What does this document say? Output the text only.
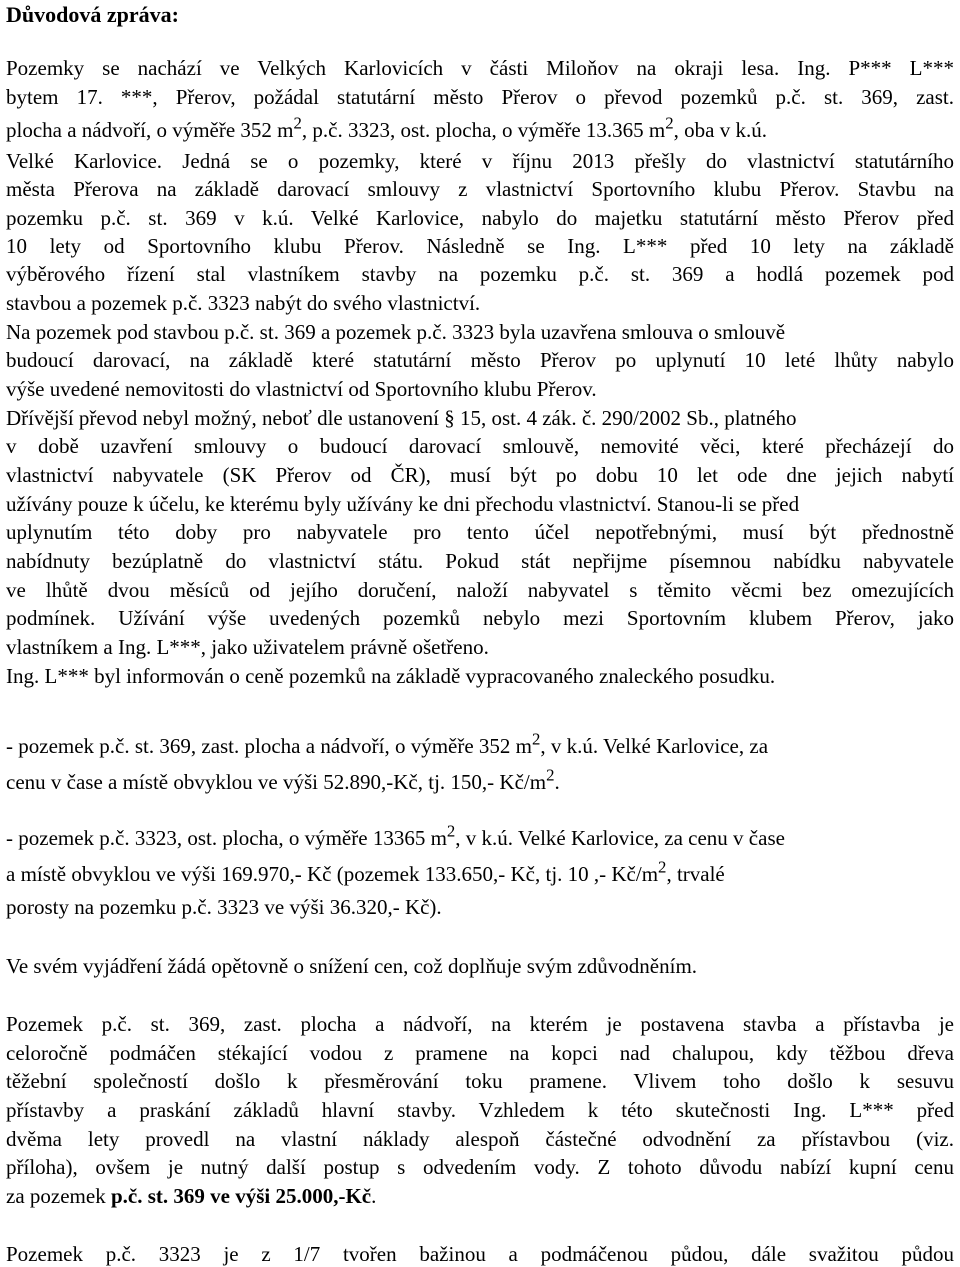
Důvodová zpráva:

Pozemky se nachází ve Velkých Karlovicích v části Miloňov na okraji lesa. Ing. P*** L***

bytem 17. ***, Přerov, požádal statutární město Přerov o převod pozemků p.č. st. 369, zast.

plocha a nádvoří, o výměře 352 $m^2$, p.č. 3323, ost. plocha, o výměře 13.365 $m^2$, oba v k.ú.

Velké Karlovice. Jedná se o pozemky, které v říjnu 2013 přešly do vlastnictví statutárního

města Přerova na základě darovací smlouvy z vlastnictví Sportovního klubu Přerov. Stavbu na

pozemku p.č. st. 369 v k.ú. Velké Karlovice, nabylo do majetku statutární město Přerov před

10 lety od Sportovního klubu Přerov. Následně se Ing. L*** před 10 lety na základě

výběrového řízení stal vlastníkem stavby na pozemku p.č. st. 369 a hodlá pozemek pod

stavbou a pozemek p.č. 3323 nabýt do svého vlastnictví.

Na pozemek pod stavbou p.č. st. 369 a pozemek p.č. 3323 byla uzavřena smlouva o smlouvě

budoucí darovací, na základě které statutární město Přerov po uplynutí 10 leté lhůty nabylo

výše uvedené nemovitosti do vlastnictví od Sportovního klubu Přerov.

Dřívější převod nebyl možný, neboť dle ustanovení § 15, ost. 4 zák. č. 290/2002 Sb., platného

v době uzavření smlouvy o budoucí darovací smlouvě, nemovité věci, které přecházejí do

vlastnictví nabyvatele (SK Přerov od ČR), musí být po dobu 10 let ode dne jejich nabytí

užívány pouze k účelu, ke kterému byly užívány ke dni přechodu vlastnictví. Stanou-li se před

uplynutím této doby pro nabyvatele pro tento účel nepotřebnými, musí být přednostně

nabídnuty bezúplatně do vlastnictví státu. Pokud stát nepřijme písemnou nabídku nabyvatele

ve lhůtě dvou měsíců od jejího doručení, naloží nabyvatel s těmito věcmi bez omezujících

podmínek. Užívání výše uvedených pozemků nebylo mezi Sportovním klubem Přerov, jako

vlastníkem a Ing. L***, jako uživatelem právně ošetřeno.

Ing. L*** byl informován o ceně pozemků na základě vypracovaného znaleckého posudku.

- pozemek p.č. st. 369, zast. plocha a nádvoří, o výměře 352 $m^2$, v k.ú. Velké Karlovice, za

cenu v čase a místě obvyklou ve výši 52.890,-Kč, tj. 150,- $Kč/m^2$.

- pozemek p.č. 3323, ost. plocha, o výměře 13365 $m^2$, v k.ú. Velké Karlovice, za cenu v čase

a místě obvyklou ve výši 169.970,- Kč (pozemek 133.650,- Kč, tj. 10 ,- $Kč/m^2$, trvalé

porosty na pozemku p.č. 3323 ve výši 36.320,- Kč).

Ve svém vyjádření žádá opětovně o snížení cen, což doplňuje svým zdůvodněním.

Pozemek p.č. st. 369, zast. plocha a nádvoří, na kterém je postavena stavba a přístavba je

celoročně podmáčen stékající vodou z pramene na kopci nad chalupou, kdy těžbou dřeva

těžební společností došlo k přesměrování toku pramene. Vlivem toho došlo k sesuvu

přístavby a praskání základů hlavní stavby. Vzhledem k této skutečnosti Ing. L*** před

dvěma lety provedl na vlastní náklady alespoň částečné odvodnění za přístavbou (viz.

příloha), ovšem je nutný další postup s odvedením vody. Z tohoto důvodu nabízí kupní cenu

za pozemek p.č. st. 369 ve výši 25.000,-Kč.

Pozemek p.č. 3323 je z 1/7 tvořen bažinou a podmáčenou půdou, dále svažitou půdou
